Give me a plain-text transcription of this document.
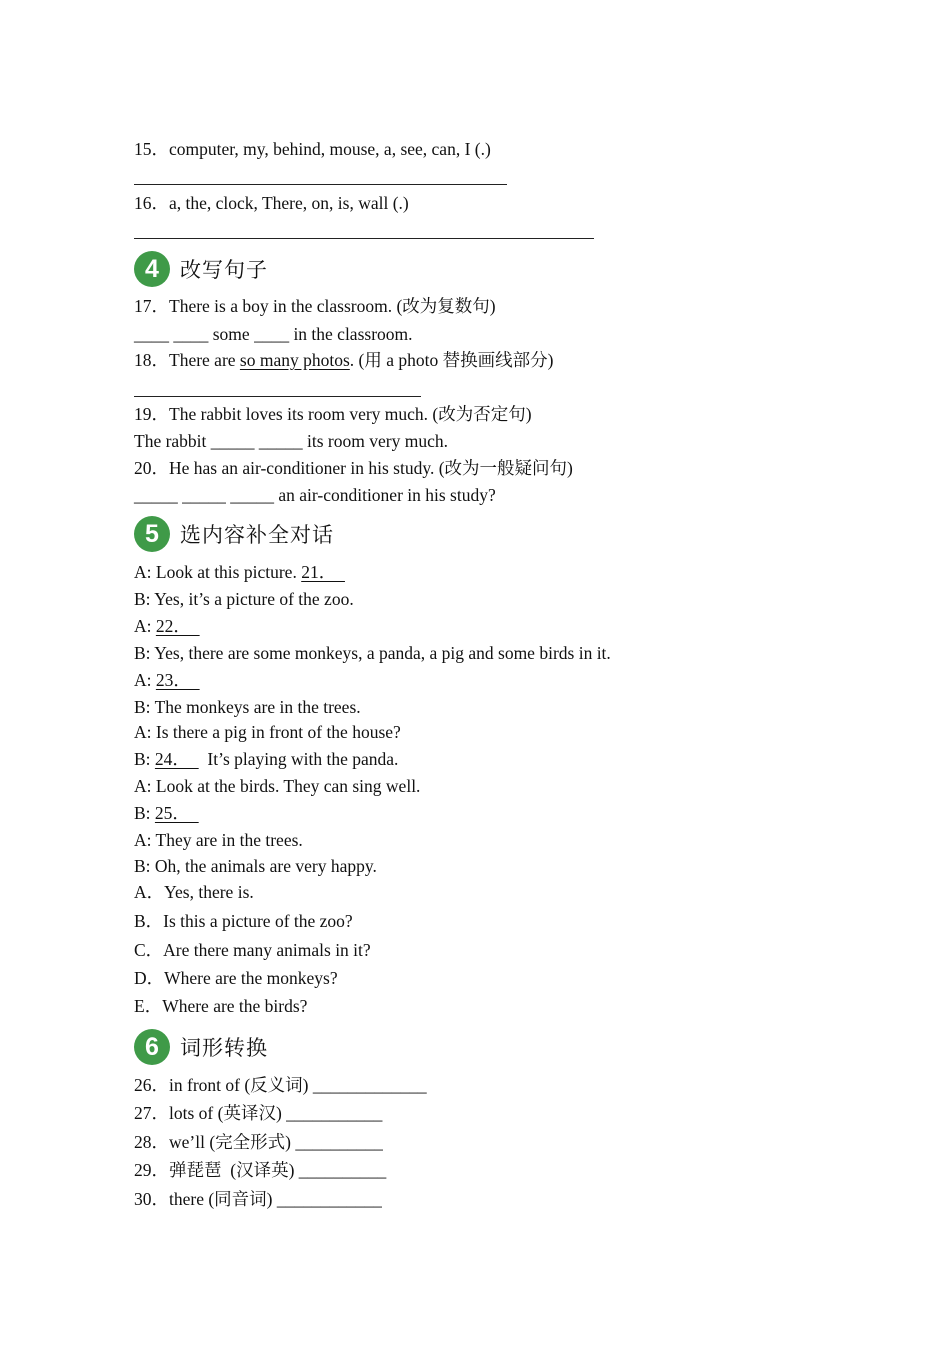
15．computer, my, behind, mouse, a, see, can, I (.)
16．a, the, clock, There, on, is, wall (.)
4	改写句子
17．There is a boy in the classroom. (改为复数句)
____ ____ some ____ in the classroom.
18．There are so many photos. (用 a photo 替换画线部分)
19．The rabbit loves its room very much. (改为否定句)
The rabbit _____ _____ its room very much.
20．He has an air-conditioner in his study. (改为一般疑问句)
_____ _____ _____ an air-conditioner in his study?
5	选内容补全对话
A: Look at this picture. 21．
B: Yes, it’s a picture of the zoo.
A: 22．
B: Yes, there are some monkeys, a panda, a pig and some birds in it.
A: 23．
B: The monkeys are in the trees.
A: Is there a pig in front of the house?
B: 24．    It’s playing with the panda.
A: Look at the birds. They can sing well.
B: 25．
A: They are in the trees.
B: Oh, the animals are very happy.
A．Yes, there is.
B．Is this a picture of the zoo?
C．Are there many animals in it?
D．Where are the monkeys?
E．Where are the birds?
6	词形转换
26．in front of (反义词) _____________
27．lots of (英译汉) ___________
28．we’ll (完全形式) __________
29．弹琵琶  (汉译英) __________
30．there (同音词) ____________
